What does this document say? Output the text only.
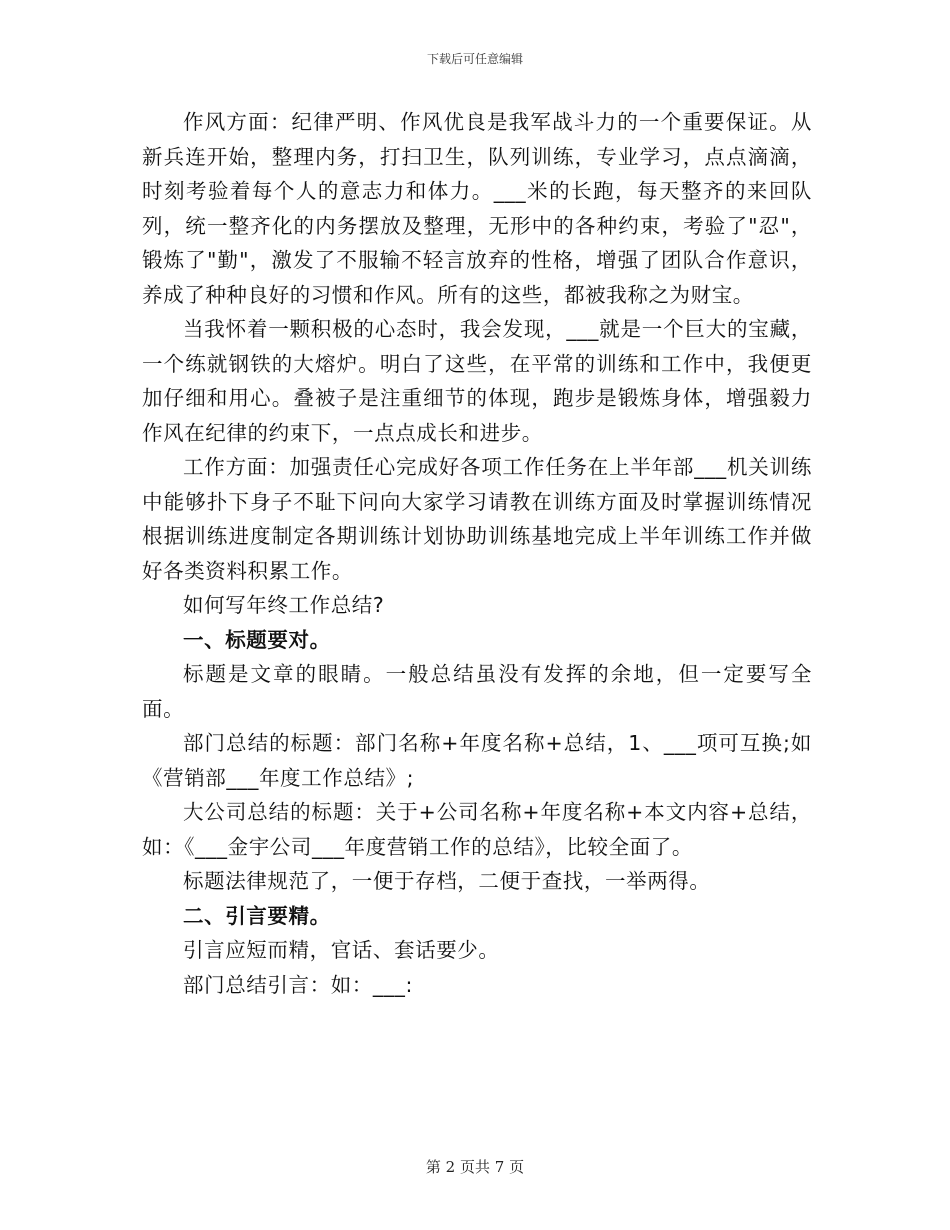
下载后可任意编辑

作风方面：纪律严明、作风优良是我军战斗力的一个重要保证。从新兵连开始，整理内务，打扫卫生，队列训练，专业学习，点点滴滴，时刻考验着每个人的意志力和体力。___米的长跑，每天整齐的来回队列，统一整齐化的内务摆放及整理，无形中的各种约束，考验了"忍"，锻炼了"勤"，激发了不服输不轻言放弃的性格，增强了团队合作意识，养成了种种良好的习惯和作风。所有的这些，都被我称之为财宝。

当我怀着一颗积极的心态时，我会发现，___就是一个巨大的宝藏，一个练就钢铁的大熔炉。明白了这些，在平常的训练和工作中，我便更加仔细和用心。叠被子是注重细节的体现，跑步是锻炼身体，增强毅力作风在纪律的约束下，一点点成长和进步。

工作方面：加强责任心完成好各项工作任务在上半年部___机关训练中能够扑下身子不耻下问向大家学习请教在训练方面及时掌握训练情况根据训练进度制定各期训练计划协助训练基地完成上半年训练工作并做好各类资料积累工作。

如何写年终工作总结?

一、标题要对。

标题是文章的眼睛。一般总结虽没有发挥的余地，但一定要写全面。

部门总结的标题：部门名称+年度名称+总结，1、___项可互换;如《营销部___年度工作总结》;

大公司总结的标题：关于+公司名称+年度名称+本文内容+总结，如：《___金宇公司___年度营销工作的总结》，比较全面了。

标题法律规范了，一便于存档，二便于查找，一举两得。

二、引言要精。

引言应短而精，官话、套话要少。

部门总结引言：如：___:

第 2 页共 7 页
